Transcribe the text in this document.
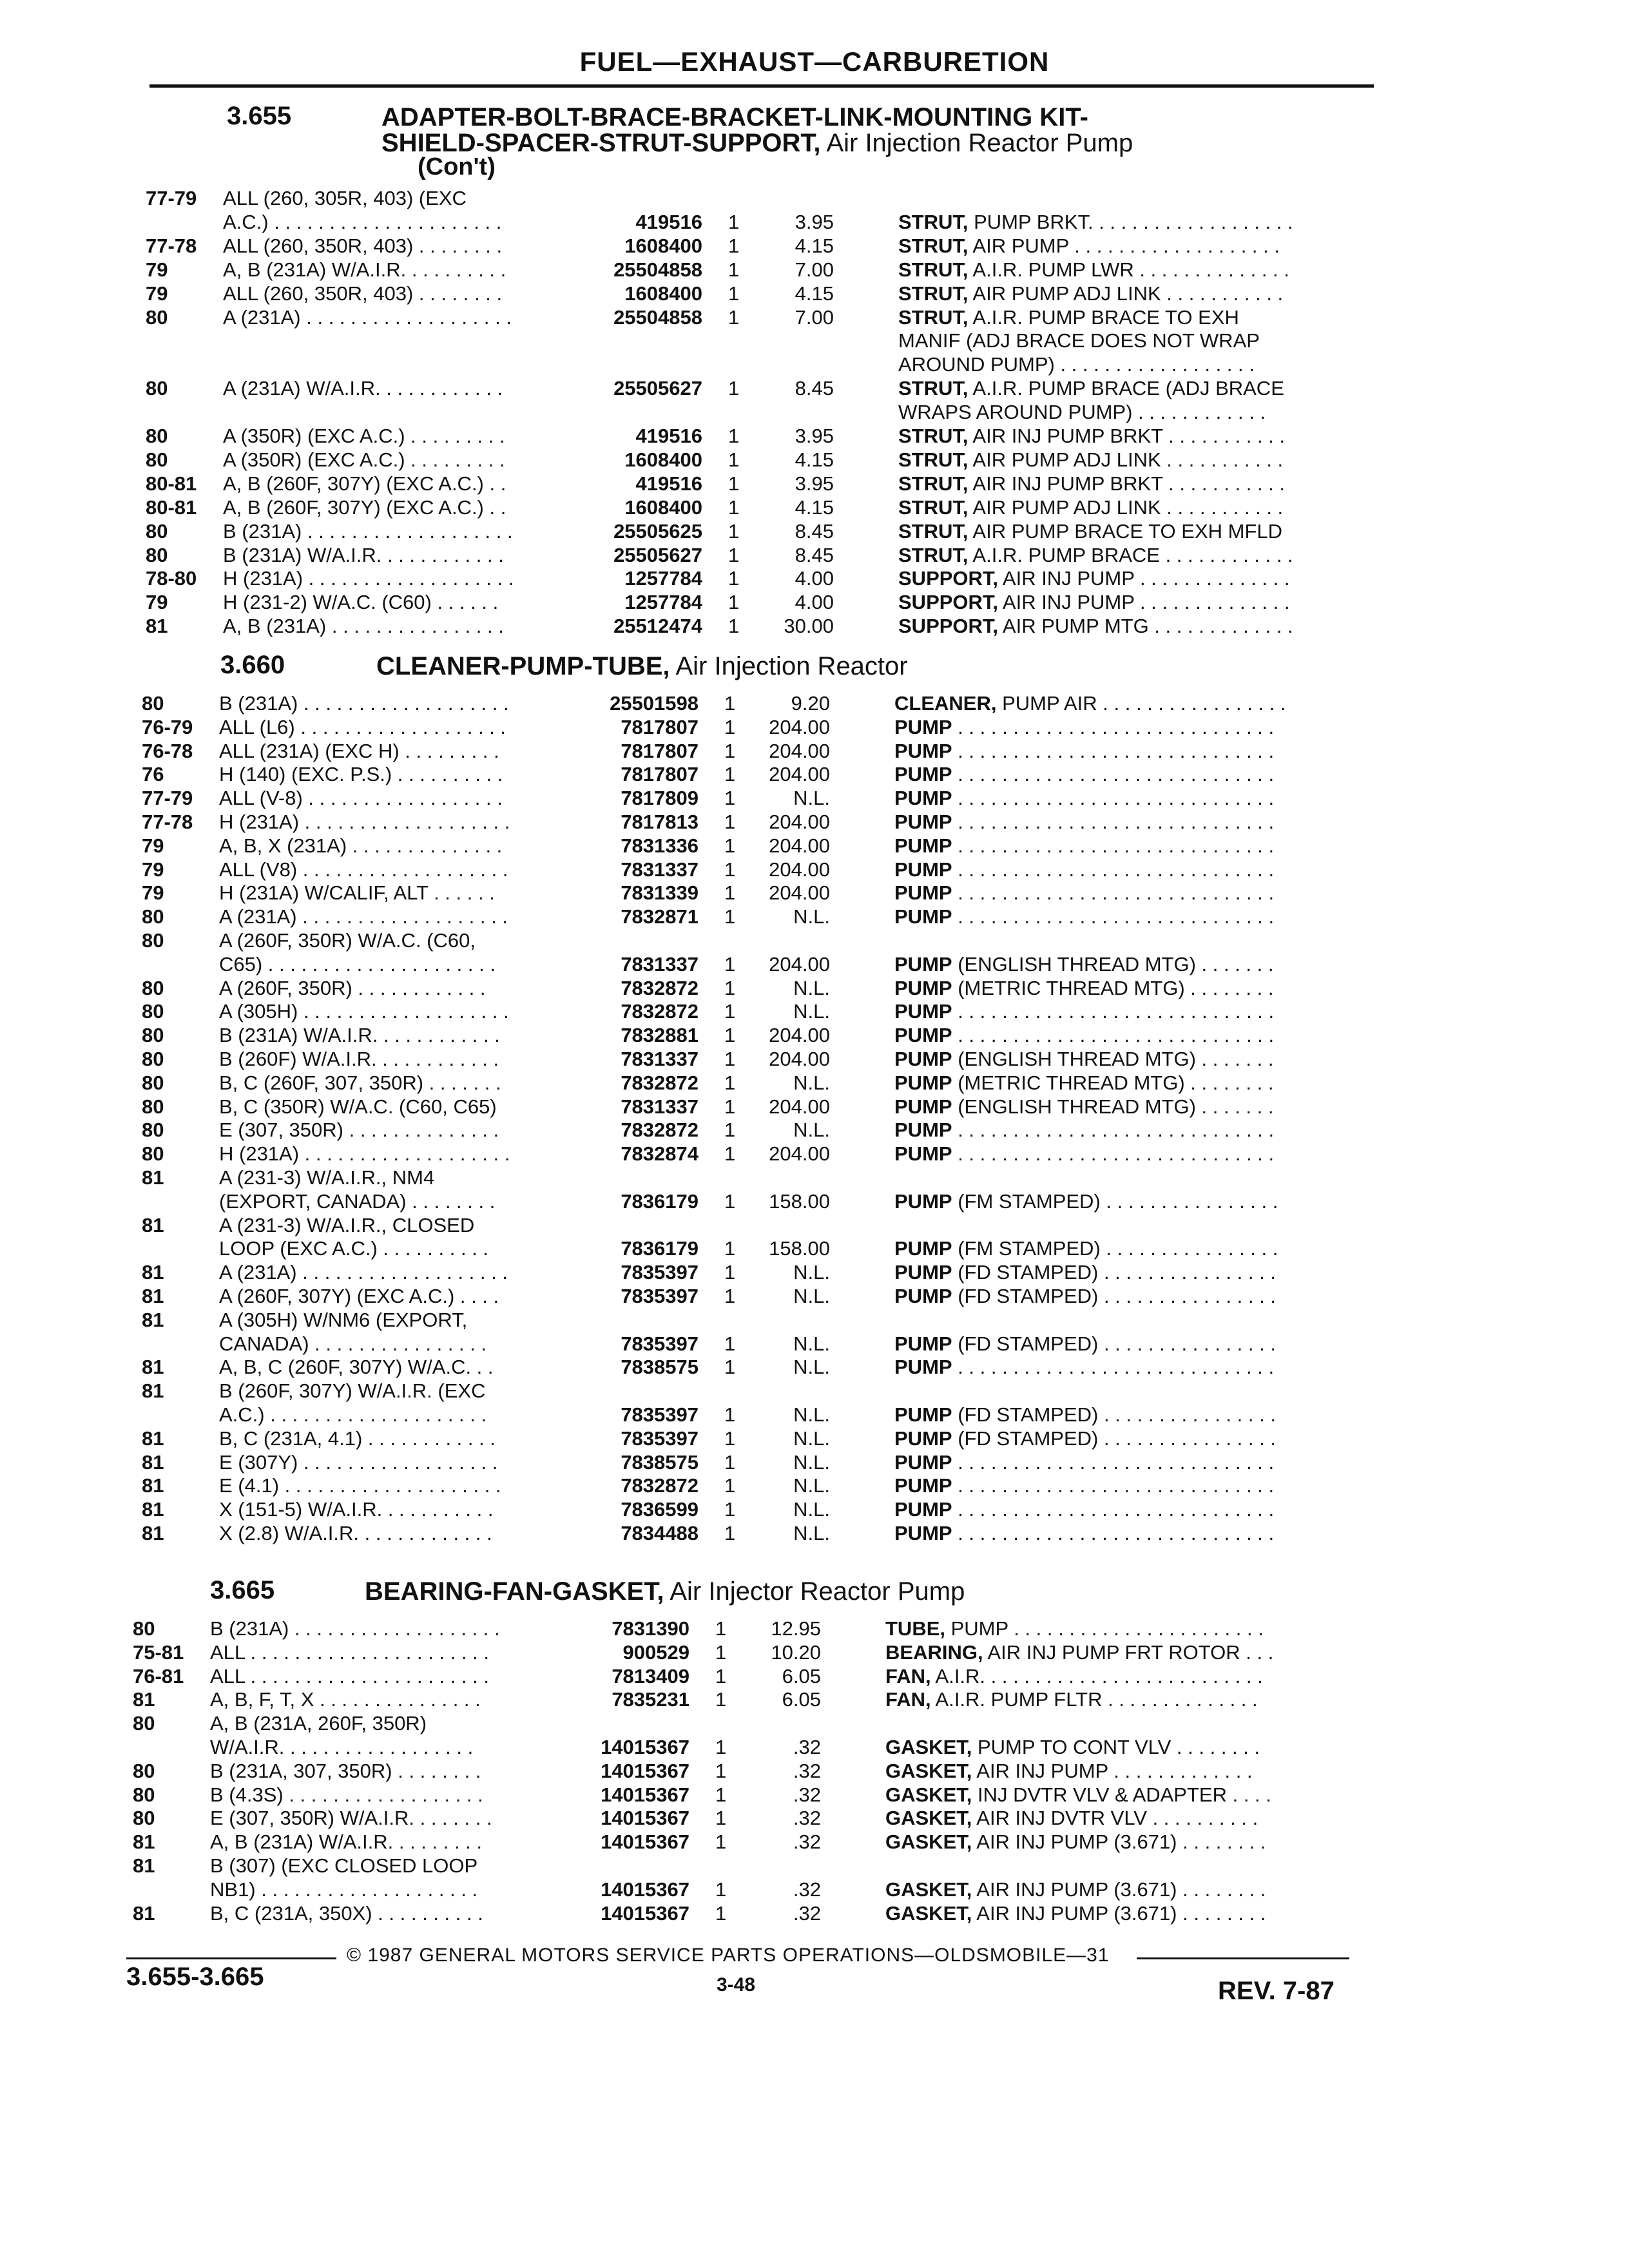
FUEL—EXHAUST—CARBURETION
3.655	ADAPTER-BOLT-BRACE-BRACKET-LINK-MOUNTING KIT-
SHIELD-SPACER-STRUT-SUPPORT, Air Injection Reactor Pump
(Con't)
3.660	CLEANER-PUMP-TUBE, Air Injection Reactor
3.665	BEARING-FAN-GASKET, Air Injector Reactor Pump
77-79 ALL (260, 305R, 403) (EXC
A.C.) . . . . . . . . . . . . . . . . . . . . .	419516 1	3.95	STRUT, PUMP BRKT. . . . . . . . . . . . . . . . . . .
77-78 ALL (260, 350R, 403) . . . . . . . .	1608400 1	4.15	STRUT, AIR PUMP . . . . . . . . . . . . . . . . . . .
79	A, B (231A) W/A.I.R. . . . . . . . . .	25504858 1	7.00	STRUT, A.I.R. PUMP LWR . . . . . . . . . . . . . .
79	ALL (260, 350R, 403) . . . . . . . .	1608400 1	4.15	STRUT, AIR PUMP ADJ LINK . . . . . . . . . . .
80	A (231A) . . . . . . . . . . . . . . . . . . .	25504858 1	7.00	STRUT, A.I.R. PUMP BRACE TO EXH
MANIF (ADJ BRACE DOES NOT WRAP
AROUND PUMP) . . . . . . . . . . . . . . . . . .
80	A (231A) W/A.I.R. . . . . . . . . . . .	25505627 1	8.45	STRUT, A.I.R. PUMP BRACE (ADJ BRACE
WRAPS AROUND PUMP) . . . . . . . . . . . .
80	A (350R) (EXC A.C.) . . . . . . . . .	419516 1	3.95	STRUT, AIR INJ PUMP BRKT . . . . . . . . . . .
80	A (350R) (EXC A.C.) . . . . . . . . .	1608400 1	4.15	STRUT, AIR PUMP ADJ LINK . . . . . . . . . . .
80-81 A, B (260F, 307Y) (EXC A.C.) . .	419516 1	3.95	STRUT, AIR INJ PUMP BRKT . . . . . . . . . . .
80-81 A, B (260F, 307Y) (EXC A.C.) . .	1608400 1	4.15	STRUT, AIR PUMP ADJ LINK . . . . . . . . . . .
80	B (231A) . . . . . . . . . . . . . . . . . . .	25505625 1	8.45	STRUT, AIR PUMP BRACE TO EXH MFLD
80	B (231A) W/A.I.R. . . . . . . . . . . .	25505627 1	8.45	STRUT, A.I.R. PUMP BRACE . . . . . . . . . . . .
78-80 H (231A) . . . . . . . . . . . . . . . . . . .	1257784 1	4.00	SUPPORT, AIR INJ PUMP . . . . . . . . . . . . . .
79	H (231-2) W/A.C. (C60) . . . . . .	1257784 1	4.00	SUPPORT, AIR INJ PUMP . . . . . . . . . . . . . .
81	A, B (231A) . . . . . . . . . . . . . . . .	25512474 1	30.00	SUPPORT, AIR PUMP MTG . . . . . . . . . . . . .
80	B (231A) . . . . . . . . . . . . . . . . . . .	25501598 1	9.20	CLEANER, PUMP AIR . . . . . . . . . . . . . . . . .
76-79 ALL (L6) . . . . . . . . . . . . . . . . . . .	7817807 1	204.00	PUMP . . . . . . . . . . . . . . . . . . . . . . . . . . . . .
76-78 ALL (231A) (EXC H) . . . . . . . . .	7817807 1	204.00	PUMP . . . . . . . . . . . . . . . . . . . . . . . . . . . . .
76	H (140) (EXC. P.S.) . . . . . . . . . .	7817807 1	204.00	PUMP . . . . . . . . . . . . . . . . . . . . . . . . . . . . .
77-79 ALL (V-8) . . . . . . . . . . . . . . . . . .	7817809 1	N.L.	PUMP . . . . . . . . . . . . . . . . . . . . . . . . . . . . .
77-78 H (231A) . . . . . . . . . . . . . . . . . . .	7817813 1	204.00	PUMP . . . . . . . . . . . . . . . . . . . . . . . . . . . . .
79	A, B, X (231A) . . . . . . . . . . . . . .	7831336 1	204.00	PUMP . . . . . . . . . . . . . . . . . . . . . . . . . . . . .
79	ALL (V8) . . . . . . . . . . . . . . . . . . .	7831337 1	204.00	PUMP . . . . . . . . . . . . . . . . . . . . . . . . . . . . .
79	H (231A) W/CALIF, ALT . . . . . .	7831339 1	204.00	PUMP . . . . . . . . . . . . . . . . . . . . . . . . . . . . .
80	A (231A) . . . . . . . . . . . . . . . . . . .	7832871 1	N.L.	PUMP . . . . . . . . . . . . . . . . . . . . . . . . . . . . .
80	A (260F, 350R) W/A.C. (C60,
C65) . . . . . . . . . . . . . . . . . . . . .	7831337 1	204.00	PUMP (ENGLISH THREAD MTG) . . . . . . .
80	A (260F, 350R) . . . . . . . . . . . .	7832872 1	N.L.	PUMP (METRIC THREAD MTG) . . . . . . . .
80	A (305H) . . . . . . . . . . . . . . . . . . .	7832872 1	N.L.	PUMP . . . . . . . . . . . . . . . . . . . . . . . . . . . . .
80	B (231A) W/A.I.R. . . . . . . . . . . .	7832881 1	204.00	PUMP . . . . . . . . . . . . . . . . . . . . . . . . . . . . .
80	B (260F) W/A.I.R. . . . . . . . . . . .	7831337 1	204.00	PUMP (ENGLISH THREAD MTG) . . . . . . .
80	B, C (260F, 307, 350R) . . . . . . .	7832872 1	N.L.	PUMP (METRIC THREAD MTG) . . . . . . . .
80	B, C (350R) W/A.C. (C60, C65)	7831337 1	204.00	PUMP (ENGLISH THREAD MTG) . . . . . . .
80	E (307, 350R) . . . . . . . . . . . . . .	7832872 1	N.L.	PUMP . . . . . . . . . . . . . . . . . . . . . . . . . . . . .
80	H (231A) . . . . . . . . . . . . . . . . . . .	7832874 1	204.00	PUMP . . . . . . . . . . . . . . . . . . . . . . . . . . . . .
81	A (231-3) W/A.I.R., NM4
(EXPORT, CANADA) . . . . . . . .	7836179 1	158.00	PUMP (FM STAMPED) . . . . . . . . . . . . . . . .
81	A (231-3) W/A.I.R., CLOSED
LOOP (EXC A.C.) . . . . . . . . . .	7836179 1	158.00	PUMP (FM STAMPED) . . . . . . . . . . . . . . . .
81	A (231A) . . . . . . . . . . . . . . . . . . .	7835397 1	N.L.	PUMP (FD STAMPED) . . . . . . . . . . . . . . . .
81	A (260F, 307Y) (EXC A.C.) . . . .	7835397 1	N.L.	PUMP (FD STAMPED) . . . . . . . . . . . . . . . .
81	A (305H) W/NM6 (EXPORT,
CANADA) . . . . . . . . . . . . . . . .	7835397 1	N.L.	PUMP (FD STAMPED) . . . . . . . . . . . . . . . .
81	A, B, C (260F, 307Y) W/A.C. . .	7838575 1	N.L.	PUMP . . . . . . . . . . . . . . . . . . . . . . . . . . . . .
81	B (260F, 307Y) W/A.I.R. (EXC
A.C.) . . . . . . . . . . . . . . . . . . . .	7835397 1	N.L.	PUMP (FD STAMPED) . . . . . . . . . . . . . . . .
81	B, C (231A, 4.1) . . . . . . . . . . . .	7835397 1	N.L.	PUMP (FD STAMPED) . . . . . . . . . . . . . . . .
81	E (307Y) . . . . . . . . . . . . . . . . . .	7838575 1	N.L.	PUMP . . . . . . . . . . . . . . . . . . . . . . . . . . . . .
81	E (4.1) . . . . . . . . . . . . . . . . . . . .	7832872 1	N.L.	PUMP . . . . . . . . . . . . . . . . . . . . . . . . . . . . .
81	X (151-5) W/A.I.R. . . . . . . . . . .	7836599 1	N.L.	PUMP . . . . . . . . . . . . . . . . . . . . . . . . . . . . .
81	X (2.8) W/A.I.R. . . . . . . . . . . . .	7834488 1	N.L.	PUMP . . . . . . . . . . . . . . . . . . . . . . . . . . . . .
80	B (231A) . . . . . . . . . . . . . . . . . . .	7831390 1	12.95	TUBE, PUMP . . . . . . . . . . . . . . . . . . . . . . .
75-81 ALL . . . . . . . . . . . . . . . . . . . . . .	900529 1	10.20	BEARING, AIR INJ PUMP FRT ROTOR . . .
76-81 ALL . . . . . . . . . . . . . . . . . . . . . .	7813409 1	6.05	FAN, A.I.R. . . . . . . . . . . . . . . . . . . . . . . . . .
81	A, B, F, T, X . . . . . . . . . . . . . . .	7835231 1	6.05	FAN, A.I.R. PUMP FLTR . . . . . . . . . . . . . .
80	A, B (231A, 260F, 350R)
W/A.I.R. . . . . . . . . . . . . . . . . .	14015367 1	.32	GASKET, PUMP TO CONT VLV . . . . . . . .
80	B (231A, 307, 350R) . . . . . . . .	14015367 1	.32	GASKET, AIR INJ PUMP . . . . . . . . . . . . .
80	B (4.3S) . . . . . . . . . . . . . . . . . .	14015367 1	.32	GASKET, INJ DVTR VLV & ADAPTER . . . .
80	E (307, 350R) W/A.I.R. . . . . . . .	14015367 1	.32	GASKET, AIR INJ DVTR VLV . . . . . . . . . .
81	A, B (231A) W/A.I.R. . . . . . . . .	14015367 1	.32	GASKET, AIR INJ PUMP (3.671) . . . . . . . .
81	B (307) (EXC CLOSED LOOP
NB1) . . . . . . . . . . . . . . . . . . . .	14015367 1	.32	GASKET, AIR INJ PUMP (3.671) . . . . . . . .
81	B, C (231A, 350X) . . . . . . . . . .	14015367 1	.32	GASKET, AIR INJ PUMP (3.671) . . . . . . . .
© 1987 GENERAL MOTORS SERVICE PARTS OPERATIONS—OLDSMOBILE—31
3.655-3.665	3-48	REV. 7-87
